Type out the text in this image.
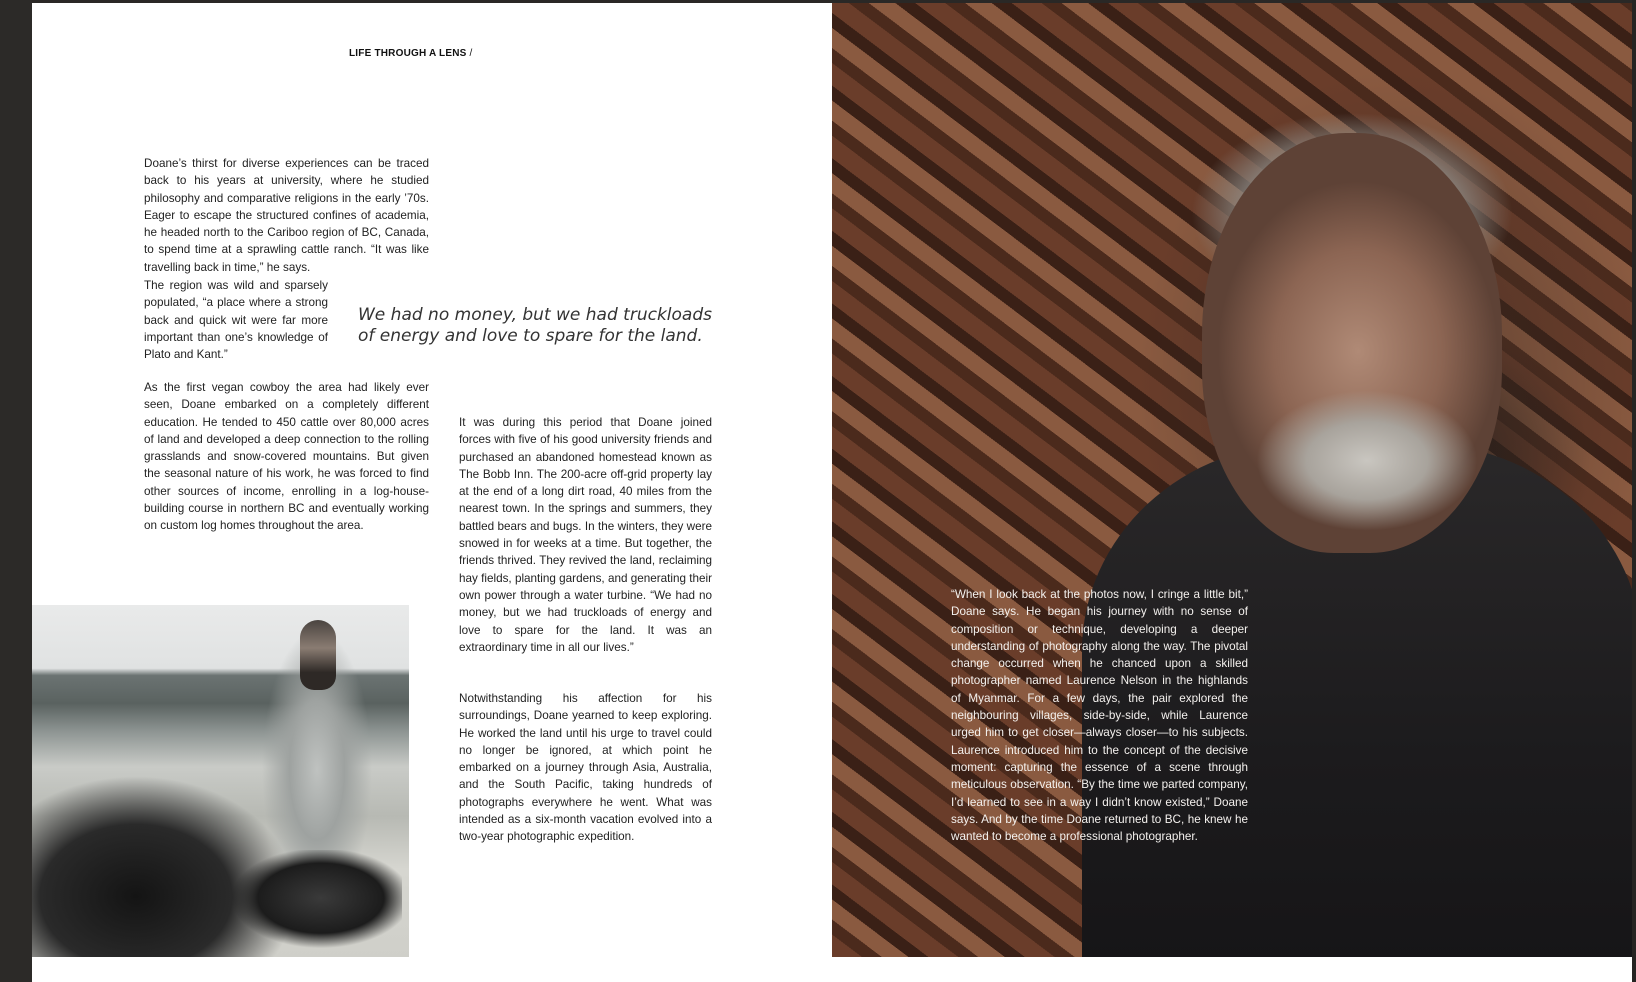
LIFE THROUGH A LENS /

Doane’s thirst for diverse experiences can be traced back to his years at university, where he studied philosophy and comparative religions in the early ’70s. Eager to escape the structured confines of academia, he headed north to the Cariboo region of BC, Canada, to spend time at a sprawling cattle ranch. “It was like travelling back in time,” he says.

The region was wild and sparsely populated, “a place where a strong back and quick wit were far more important than one’s knowledge of Plato and Kant.”

As the first vegan cowboy the area had likely ever seen, Doane embarked on a completely different education. He tended to 450 cattle over 80,000 acres of land and developed a deep connection to the rolling grasslands and snow-covered mountains. But given the seasonal nature of his work, he was forced to find other sources of income, enrolling in a log-house-building course in northern BC and eventually working on custom log homes throughout the area.

We had no money, but we had truckloads of energy and love to spare for the land.

It was during this period that Doane joined forces with five of his good university friends and purchased an abandoned homestead known as The Bobb Inn. The 200-acre off-grid property lay at the end of a long dirt road, 40 miles from the nearest town. In the springs and summers, they battled bears and bugs. In the winters, they were snowed in for weeks at a time. But together, the friends thrived. They revived the land, reclaiming hay fields, planting gardens, and generating their own power through a water turbine. “We had no money, but we had truckloads of energy and love to spare for the land. It was an extraordinary time in all our lives.”

Notwithstanding his affection for his surroundings, Doane yearned to keep exploring. He worked the land until his urge to travel could no longer be ignored, at which point he embarked on a journey through Asia, Australia, and the South Pacific, taking hundreds of photographs everywhere he went. What was intended as a six-month vacation evolved into a two-year photographic expedition.

“When I look back at the photos now, I cringe a little bit,” Doane says. He began his journey with no sense of composition or technique, developing a deeper understanding of photography along the way. The pivotal change occurred when he chanced upon a skilled photographer named Laurence Nelson in the highlands of Myanmar. For a few days, the pair explored the neighbouring villages, side-by-side, while Laurence urged him to get closer—always closer—to his subjects. Laurence introduced him to the concept of the decisive moment: capturing the essence of a scene through meticulous observation. “By the time we parted company, I’d learned to see in a way I didn’t know existed,” Doane says. And by the time Doane returned to BC, he knew he wanted to become a professional photographer.
